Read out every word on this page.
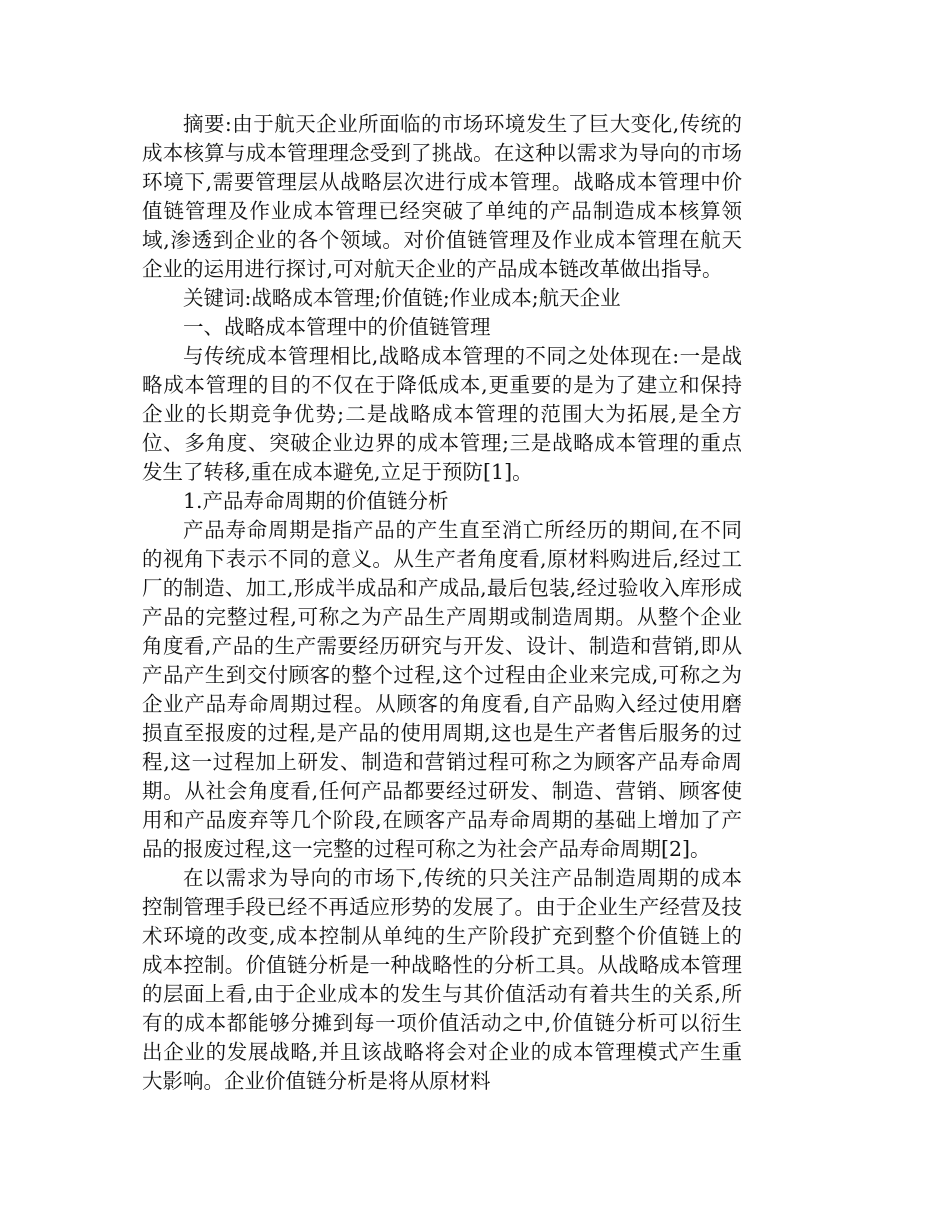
摘要:由于航天企业所面临的市场环境发生了巨大变化,传统的成本核算与成本管理理念受到了挑战。在这种以需求为导向的市场环境下,需要管理层从战略层次进行成本管理。战略成本管理中价值链管理及作业成本管理已经突破了单纯的产品制造成本核算领域,渗透到企业的各个领域。对价值链管理及作业成本管理在航天企业的运用进行探讨,可对航天企业的产品成本链改革做出指导。

关键词:战略成本管理;价值链;作业成本;航天企业

一、战略成本管理中的价值链管理

与传统成本管理相比,战略成本管理的不同之处体现在:一是战略成本管理的目的不仅在于降低成本,更重要的是为了建立和保持企业的长期竞争优势;二是战略成本管理的范围大为拓展,是全方位、多角度、突破企业边界的成本管理;三是战略成本管理的重点发生了转移,重在成本避免,立足于预防[1]。

1.产品寿命周期的价值链分析

产品寿命周期是指产品的产生直至消亡所经历的期间,在不同的视角下表示不同的意义。从生产者角度看,原材料购进后,经过工厂的制造、加工,形成半成品和产成品,最后包装,经过验收入库形成产品的完整过程,可称之为产品生产周期或制造周期。从整个企业角度看,产品的生产需要经历研究与开发、设计、制造和营销,即从产品产生到交付顾客的整个过程,这个过程由企业来完成,可称之为企业产品寿命周期过程。从顾客的角度看,自产品购入经过使用磨损直至报废的过程,是产品的使用周期,这也是生产者售后服务的过程,这一过程加上研发、制造和营销过程可称之为顾客产品寿命周期。从社会角度看,任何产品都要经过研发、制造、营销、顾客使用和产品废弃等几个阶段,在顾客产品寿命周期的基础上增加了产品的报废过程,这一完整的过程可称之为社会产品寿命周期[2]。

在以需求为导向的市场下,传统的只关注产品制造周期的成本控制管理手段已经不再适应形势的发展了。由于企业生产经营及技术环境的改变,成本控制从单纯的生产阶段扩充到整个价值链上的成本控制。价值链分析是一种战略性的分析工具。从战略成本管理的层面上看,由于企业成本的发生与其价值活动有着共生的关系,所有的成本都能够分摊到每一项价值活动之中,价值链分析可以衍生出企业的发展战略,并且该战略将会对企业的成本管理模式产生重大影响。企业价值链分析是将从原材料
